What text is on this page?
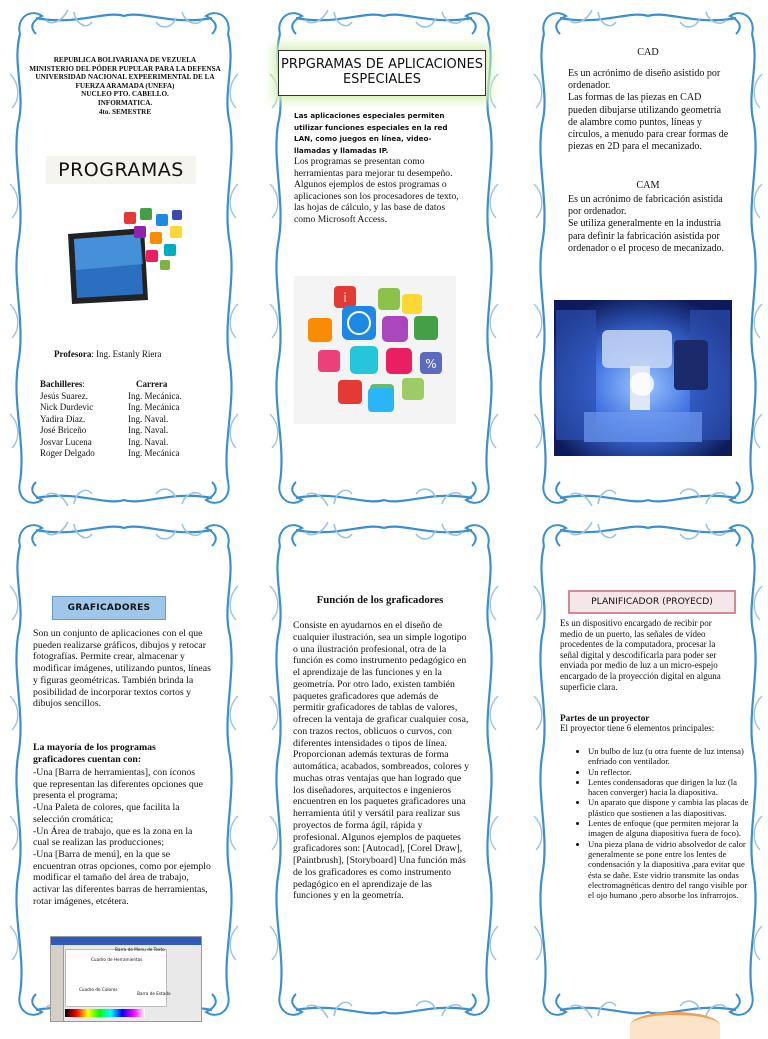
REPUBLICA BOLIVARIANA DE VEZUELA
MINISTERIO DEL PÓDER PUPULAR PARA LA DEFENSA
UNIVERSIDAD NACIONAL EXPEERIMENTAL DE LA FUERZA ARAMADA (UNEFA)
NUCLEO PTO. CABELLO.
INFORMATICA.
4to. SEMESTRE
PROGRAMAS
Profesora: Ing. Estanly Riera
Bachilleres:	Carrera
Jesús Suarez.	Ing. Mecánica.
Nick Durdevic	Ing. Mecánica
Yadira Diaz.	Ing. Naval.
José Briceño	Ing. Naval.
Josvar Lucena	Ing. Naval.
Roger Delgado	Ing. Mecánica
PRPGRAMAS DE APLICACIONES ESPECIALES
Las aplicaciones especiales permiten utilizar funciones especiales en la red LAN, como juegos en línea, video-llamadas y llamadas IP.
Los programas se presentan como herramientas para mejorar tu desempeño. Algunos ejemplos de estos programas o aplicaciones son los procesadores de texto, las hojas de cálculo, y las base de datos como Microsoft Access.
i
%
CAD
Es un acrónimo de diseño asistido por ordenador.
Las formas de las piezas en CAD pueden dibujarse utilizando geometría de alambre como puntos, líneas y círculos, a menudo para crear formas de piezas en 2D para el mecanizado.
CAM
Es un acrónimo de fabricación asistida por ordenador.
Se utiliza generalmente en la industria para definir la fabricación asistida por ordenador o el proceso de mecanizado.
GRAFICADORES
Son un conjunto de aplicaciones con el que pueden realizarse gráficos, dibujos y retocar fotografías. Permite crear, almacenar y modificar imágenes, utilizando puntos, líneas y figuras geométricas. También brinda la posibilidad de incorporar textos cortos y dibujos sencillos.
La mayoría de los programas graficadores cuentan con:
-Una [Barra de herramientas], con íconos que representan las diferentes opciones que presenta el programa;
-Una Paleta de colores, que facilita la selección cromática;
-Un Área de trabajo, que es la zona en la cual se realizan las producciones;
-Una [Barra de menú], en la que se encuentran otras opciones, como por ejemplo modificar el tamaño del área de trabajo, activar las diferentes barras de herramientas, rotar imágenes, etcétera.
Barra de Menu de Texto
Cuadro de Herramientas
Cuadro de Colores
Barra de Estado
Función de los graficadores
Consiste en ayudarnos en el diseño de cualquier ilustración, sea un simple logotipo o una ilustración profesional, otra de la función es como instrumento pedagógico en el aprendizaje de las funciones y en la geometría. Por otro lado, existen también paquetes graficadores que además de permitir graficadores de tablas de valores, ofrecen la ventaja de graficar cualquier cosa, con trazos rectos, oblicuos o curvos, con diferentes intensidades o tipos de línea. Proporcionan además texturas de forma automática, acabados, sombreados, colores y muchas otras ventajas que han logrado que los diseñadores, arquitectos e ingenieros encuentren en los paquetes graficadores una herramienta útil y versátil para realizar sus proyectos de forma ágil, rápida y profesional. Algunos ejemplos de paquetes graficadores son: [Autocad], [Corel Draw], [Paintbrush], [Storyboard] Una función más de los graficadores es como instrumento pedagógico en el aprendizaje de las funciones y en la geometría.
PLANIFICADOR (PROYECD)
Es un dispositivo encargado de recibir por medio de un puerto, las señales de vídeo procedentes de la computadora, procesar la señal digital y descodificarla para poder ser enviada por medio de luz a un micro-espejo encargado de la proyección digital en alguna superficie clara.
Partes de un proyector
El proyector tiene 6 elementos principales:
• Un bulbo de luz (u otra fuente de luz intensa) enfriado con ventilador.
• Un reflector.
• Lentes condensadoras que dirigen la luz (la hacen converger) hacia la diapositiva.
• Un aparato que dispone y cambia las placas de plástico que sostienen a las diapositivas.
• Lentes de enfoque (que permiten mejorar la imagen de alguna diapositiva fuera de foco).
• Una pieza plana de vidrio absolvedor de calor generalmente se pone entre los lentes de condensación y la diapositiva ,para evitar que ésta se dañe. Este vidrio transmite las ondas electromagnéticas dentro del rango visible por el ojo humano ,pero absorbe los infrarrojos.
